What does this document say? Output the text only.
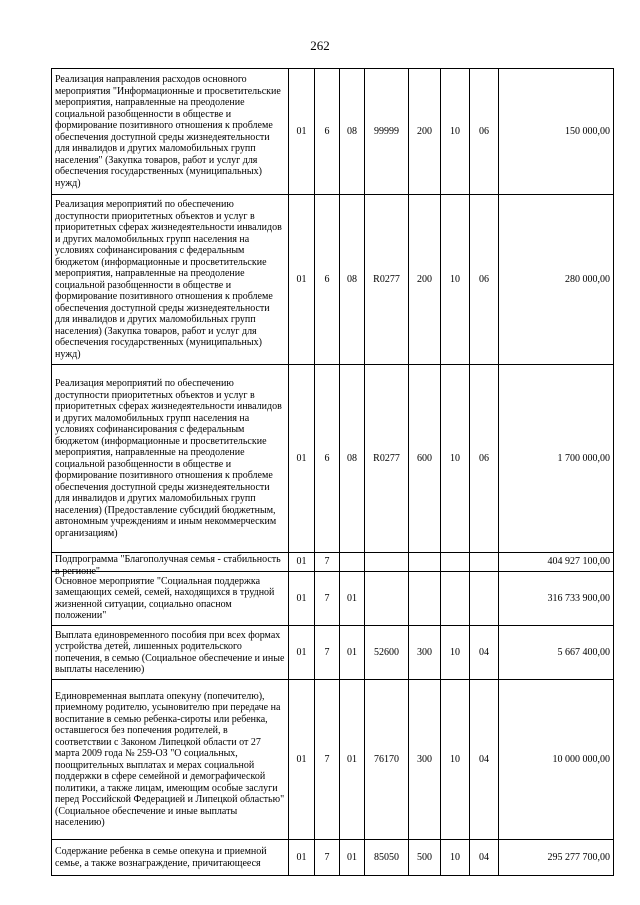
262
Реализация направления расходов основного мероприятия "Информационные и просветительские мероприятия, направленные на преодоление социальной разобщенности в обществе и формирование позитивного отношения к проблеме обеспечения доступной среды жизнедеятельности для инвалидов и других маломобильных групп населения" (Закупка товаров, работ и услуг для обеспечения государственных (муниципальных) нужд)	01	6	08	99999	200	10	06	150 000,00

Реализация мероприятий по обеспечению доступности приоритетных объектов и услуг в приоритетных сферах жизнедеятельности инвалидов и других маломобильных групп населения на условиях софинансирования с федеральным бюджетом (информационные и просветительские мероприятия, направленные на преодоление социальной разобщенности в обществе и формирование позитивного отношения к проблеме обеспечения доступной среды жизнедеятельности для инвалидов и других маломобильных групп населения) (Закупка товаров, работ и услуг для обеспечения государственных (муниципальных) нужд)	01	6	08	R0277	200	10	06	280 000,00

Реализация мероприятий по обеспечению доступности приоритетных объектов и услуг в приоритетных сферах жизнедеятельности инвалидов и других маломобильных групп населения на условиях софинансирования с федеральным бюджетом (информационные и просветительские мероприятия, направленные на преодоление социальной разобщенности в обществе и формирование позитивного отношения к проблеме обеспечения доступной среды жизнедеятельности для инвалидов и других маломобильных групп населения) (Предоставление субсидий бюджетным, автономным учреждениям и иным некоммерческим организациям)	01	6	08	R0277	600	10	06	1 700 000,00

Подпрограмма "Благополучная семья - стабильность в регионе"	01	7						404 927 100,00

Основное мероприятие "Социальная поддержка замещающих семей, семей, находящихся в трудной жизненной ситуации, социально опасном положении"	01	7	01					316 733 900,00

Выплата единовременного пособия при всех формах устройства детей, лишенных родительского попечения, в семью (Социальное обеспечение и иные выплаты населению)	01	7	01	52600	300	10	04	5 667 400,00

Единовременная выплата опекуну (попечителю), приемному родителю, усыновителю при передаче на воспитание в семью ребенка-сироты или ребенка, оставшегося без попечения родителей, в соответствии с Законом Липецкой области от 27 марта 2009 года № 259-ОЗ "О социальных, поощрительных выплатах и мерах социальной поддержки в сфере семейной и демографической политики, а также лицам, имеющим особые заслуги перед Российской Федерацией и Липецкой областью" (Социальное обеспечение и иные выплаты населению)	01	7	01	76170	300	10	04	10 000 000,00

Содержание ребенка в семье опекуна и приемной семье, а также вознаграждение, причитающееся	01	7	01	85050	500	10	04	295 277 700,00
